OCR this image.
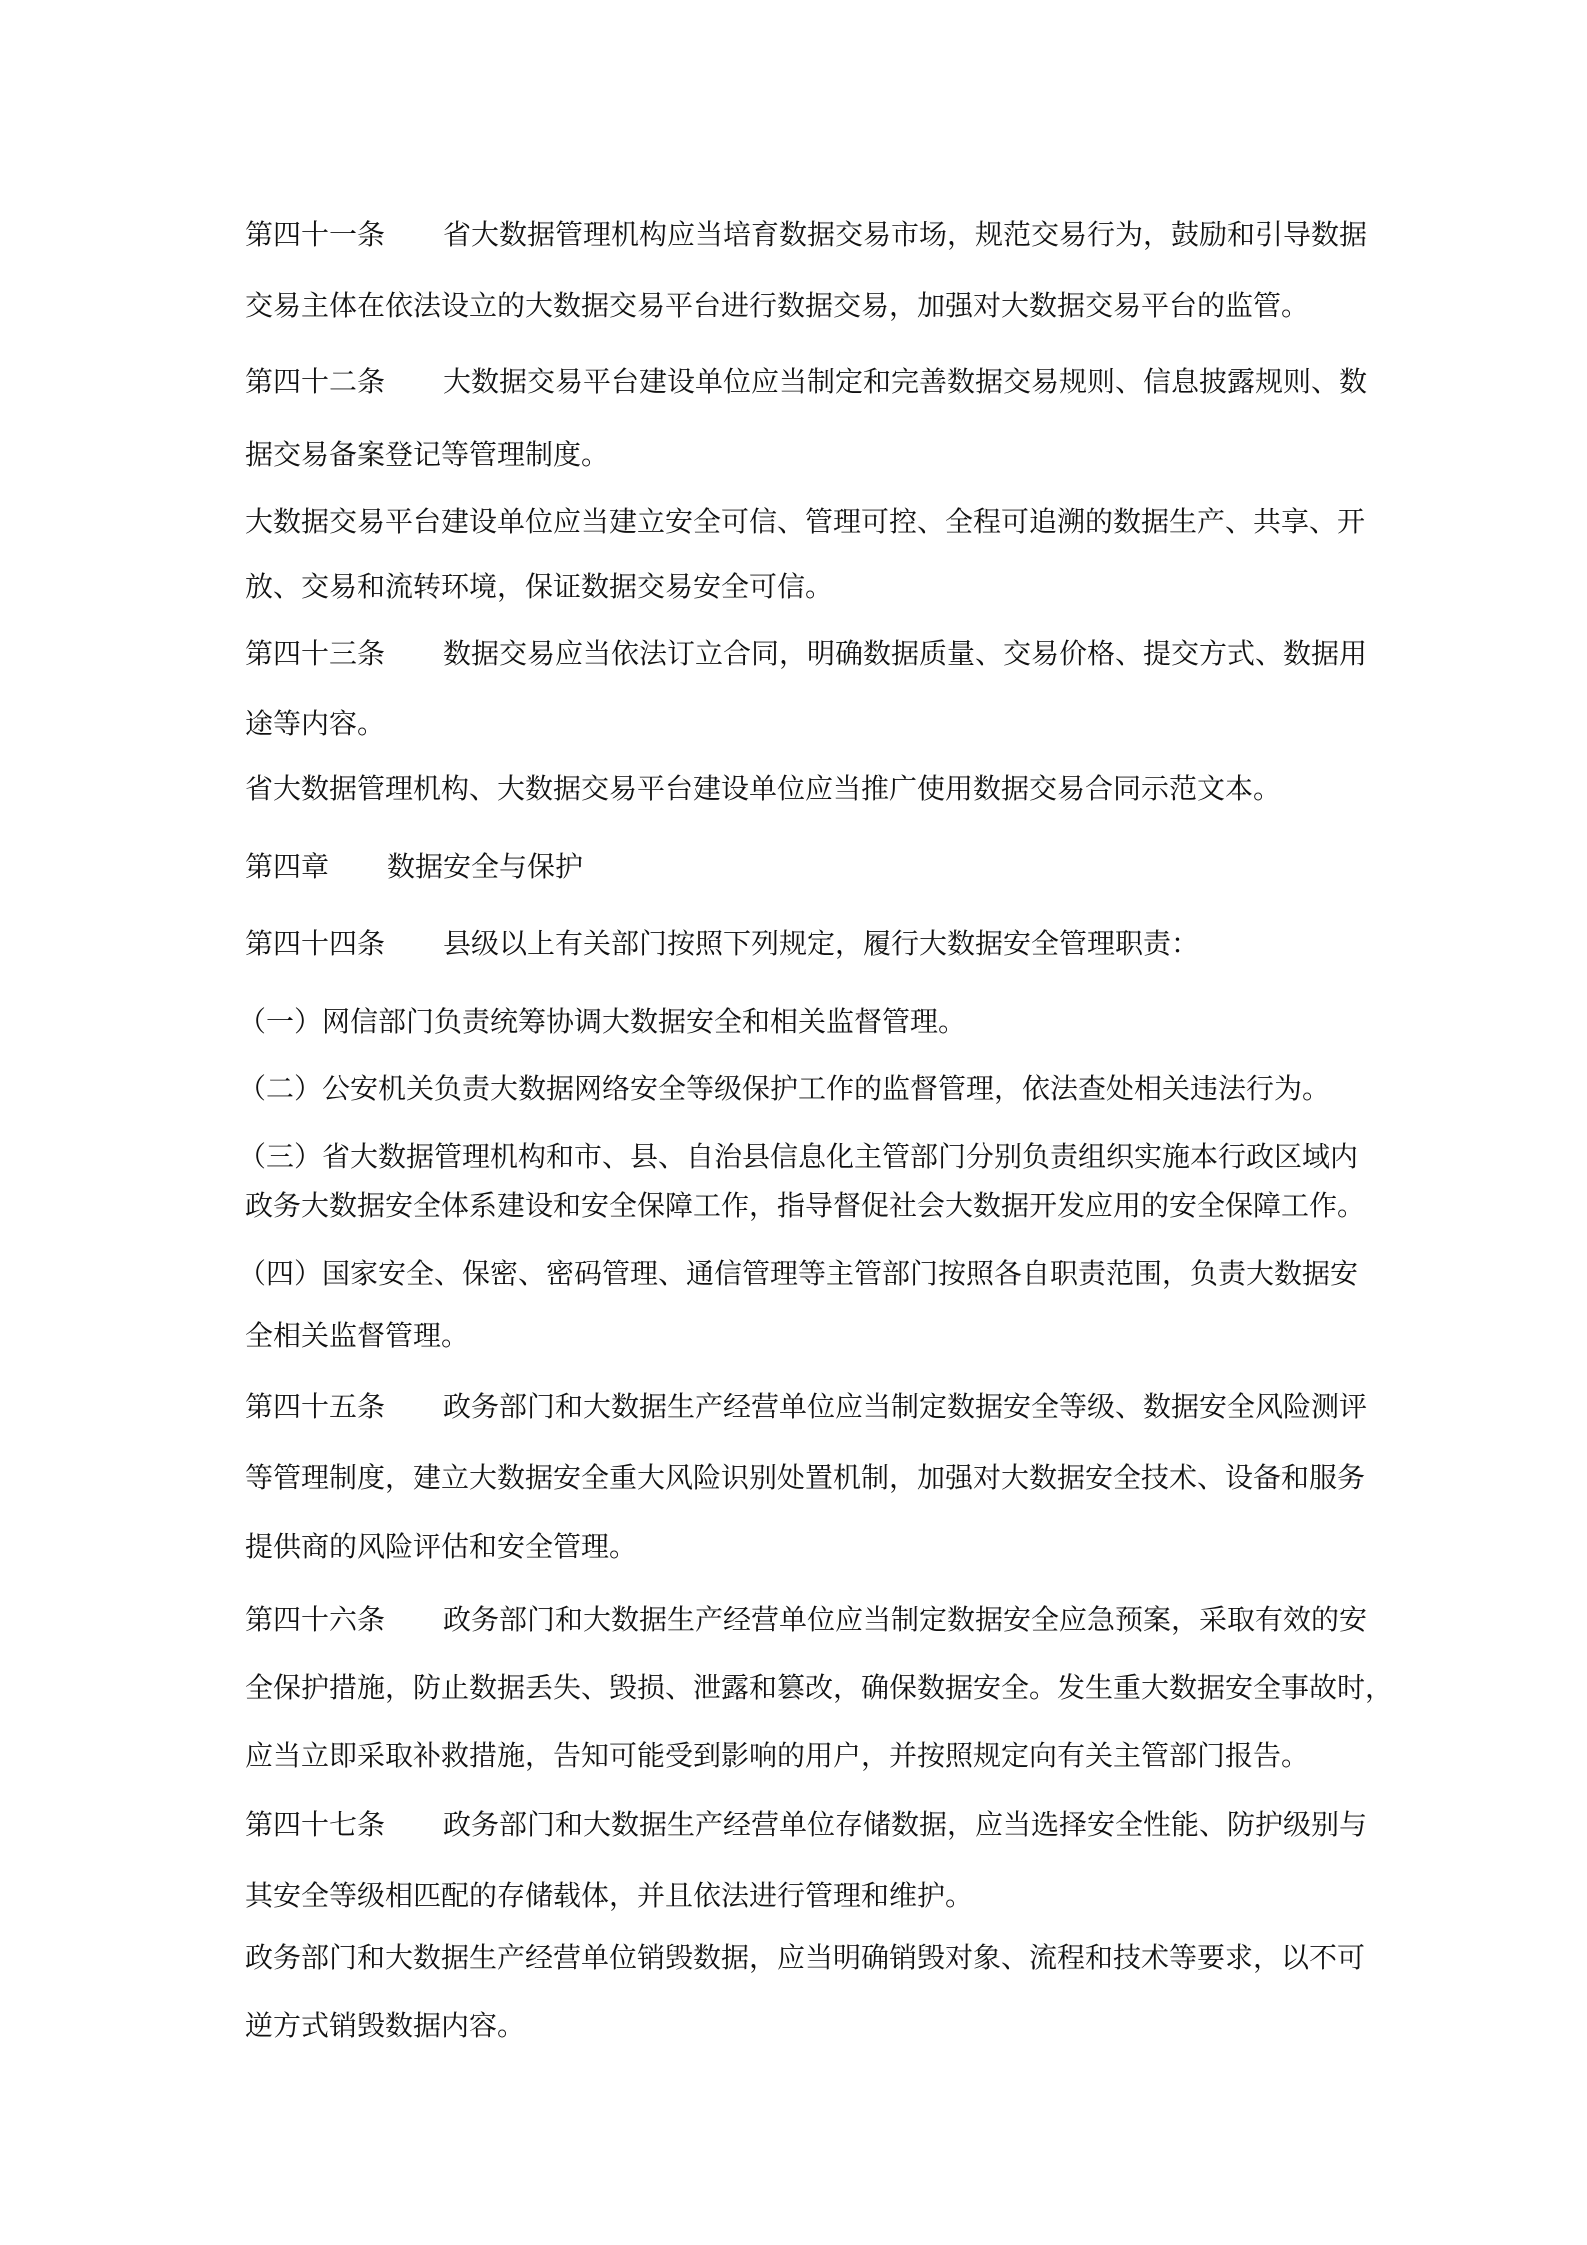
第四十一条 省大数据管理机构应当培育数据交易市场，规范交易行为，鼓励和引导数据
交易主体在依法设立的大数据交易平台进行数据交易，加强对大数据交易平台的监管。
第四十二条 大数据交易平台建设单位应当制定和完善数据交易规则、信息披露规则、数
据交易备案登记等管理制度。
大数据交易平台建设单位应当建立安全可信、管理可控、全程可追溯的数据生产、共享、开
放、交易和流转环境，保证数据交易安全可信。
第四十三条 数据交易应当依法订立合同，明确数据质量、交易价格、提交方式、数据用
途等内容。
省大数据管理机构、大数据交易平台建设单位应当推广使用数据交易合同示范文本。
第四章 数据安全与保护
第四十四条 县级以上有关部门按照下列规定，履行大数据安全管理职责：
（一）网信部门负责统筹协调大数据安全和相关监督管理。
（二）公安机关负责大数据网络安全等级保护工作的监督管理，依法查处相关违法行为。
（三）省大数据管理机构和市、县、自治县信息化主管部门分别负责组织实施本行政区域内
政务大数据安全体系建设和安全保障工作，指导督促社会大数据开发应用的安全保障工作。
（四）国家安全、保密、密码管理、通信管理等主管部门按照各自职责范围，负责大数据安
全相关监督管理。
第四十五条 政务部门和大数据生产经营单位应当制定数据安全等级、数据安全风险测评
等管理制度，建立大数据安全重大风险识别处置机制，加强对大数据安全技术、设备和服务
提供商的风险评估和安全管理。
第四十六条 政务部门和大数据生产经营单位应当制定数据安全应急预案，采取有效的安
全保护措施，防止数据丢失、毁损、泄露和篡改，确保数据安全。发生重大数据安全事故时，
应当立即采取补救措施，告知可能受到影响的用户，并按照规定向有关主管部门报告。
第四十七条 政务部门和大数据生产经营单位存储数据，应当选择安全性能、防护级别与
其安全等级相匹配的存储载体，并且依法进行管理和维护。
政务部门和大数据生产经营单位销毁数据，应当明确销毁对象、流程和技术等要求，以不可
逆方式销毁数据内容。
